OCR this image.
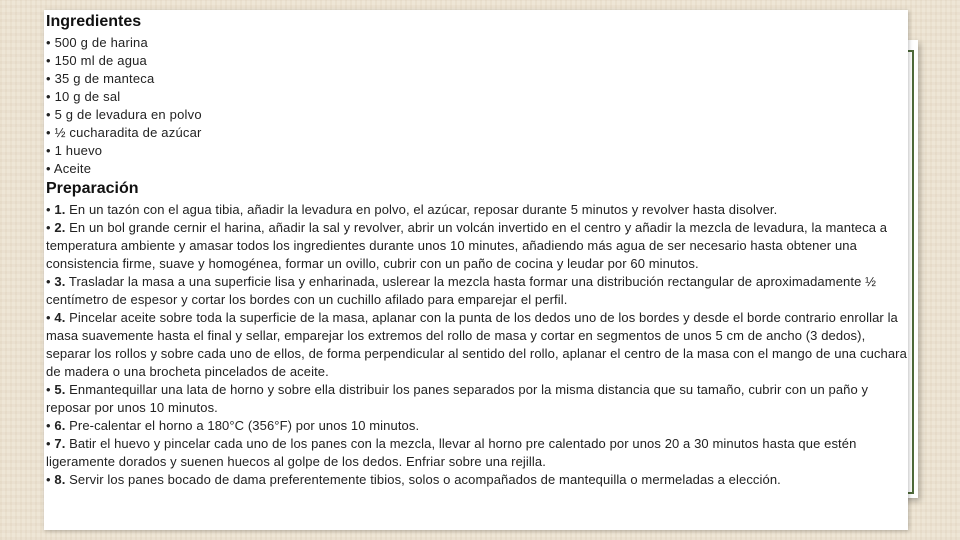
Ingredientes
• 500 g de harina
• 150 ml de agua
• 35 g de manteca
• 10 g de sal
• 5 g de levadura en polvo
• ½ cucharadita de azúcar
• 1 huevo
• Aceite
Preparación
• 1. En un tazón con el agua tibia, añadir la levadura en polvo, el azúcar, reposar durante 5 minutos y revolver hasta disolver.
• 2. En un bol grande cernir el harina, añadir la sal y revolver, abrir un volcán invertido en el centro y añadir la mezcla de levadura, la manteca a temperatura ambiente y amasar todos los ingredientes durante unos 10 minutes, añadiendo más agua de ser necesario hasta obtener una consistencia firme, suave y homogénea, formar un ovillo, cubrir con un paño de cocina y leudar por 60 minutos.
• 3. Trasladar la masa a una superficie lisa y enharinada, uslerear la mezcla hasta formar una distribución rectangular de aproximadamente ½ centímetro de espesor y cortar los bordes con un cuchillo afilado para emparejar el perfil.
• 4. Pincelar aceite sobre toda la superficie de la masa, aplanar con la punta de los dedos uno de los bordes y desde el borde contrario enrollar la masa suavemente hasta el final y sellar, emparejar los extremos del rollo de masa y cortar en segmentos de unos 5 cm de ancho (3 dedos), separar los rollos y sobre cada uno de ellos, de forma perpendicular al sentido del rollo, aplanar el centro de la masa con el mango de una cuchara de madera o una brocheta pincelados de aceite.
• 5. Enmantequillar una lata de horno y sobre ella distribuir los panes separados por la misma distancia que su tamaño, cubrir con un paño y reposar por unos 10 minutos.
• 6. Pre-calentar el horno a 180°C (356°F) por unos 10 minutos.
• 7. Batir el huevo y pincelar cada uno de los panes con la mezcla, llevar al horno pre calentado por unos 20 a 30 minutos hasta que estén ligeramente dorados y suenen huecos al golpe de los dedos. Enfriar sobre una rejilla.
• 8. Servir los panes bocado de dama preferentemente tibios, solos o acompañados de mantequilla o mermeladas a elección.
